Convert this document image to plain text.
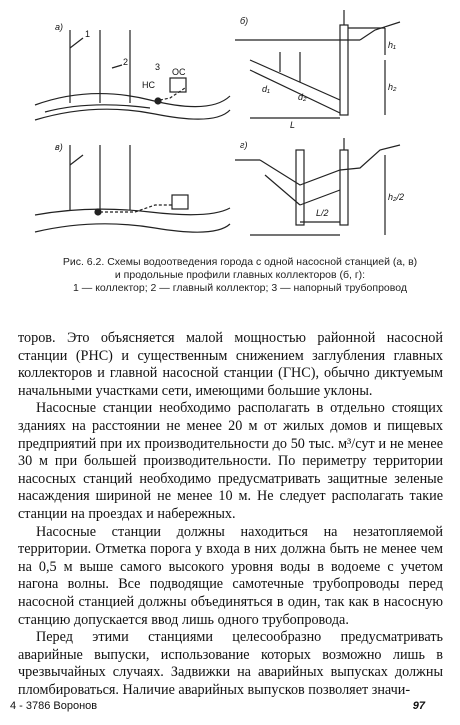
а)
б)
в)	г)
1
2	3
НС
ОС
d₁
d₂
h₁
h₂
L
h₂/2
L/2
Рис. 6.2. Схемы водоотведения города с одной насосной станцией (а, в)
и продольные профили главных коллекторов (б, г):
1 — коллектор; 2 — главный коллектор; 3 — напорный трубопровод

торов. Это объясняется малой мощностью районной насосной станции (РНС) и существенным снижением заглубления главных коллекторов и главной насосной станции (ГНС), обычно диктуемым начальными участками сети, имеющими большие уклоны.

Насосные станции необходимо располагать в отдельно стоящих зданиях на расстоянии не менее 20 м от жилых домов и пищевых предприятий при их производительности до 50 тыс. м³/сут и не менее 30 м при большей производительности. По периметру территории насосных станций необходимо предусматривать защитные зеленые насаждения шириной не менее 10 м. Не следует располагать такие станции на проездах и набережных.

Насосные станции должны находиться на незатопляемой территории. Отметка порога у входа в них должна быть не менее чем на 0,5 м выше самого высокого уровня воды в водоеме с учетом нагона волны. Все подводящие самотечные трубопроводы перед насосной станцией должны объединяться в один, так как в насосную станцию допускается ввод лишь одного трубопровода.

Перед этими станциями целесообразно предусматривать аварийные выпуски, использование которых возможно лишь в чрезвычайных случаях. Задвижки на аварийных выпусках должны пломбироваться. Наличие аварийных выпусков позволяет значи-

4 - 3786 Воронов	97
